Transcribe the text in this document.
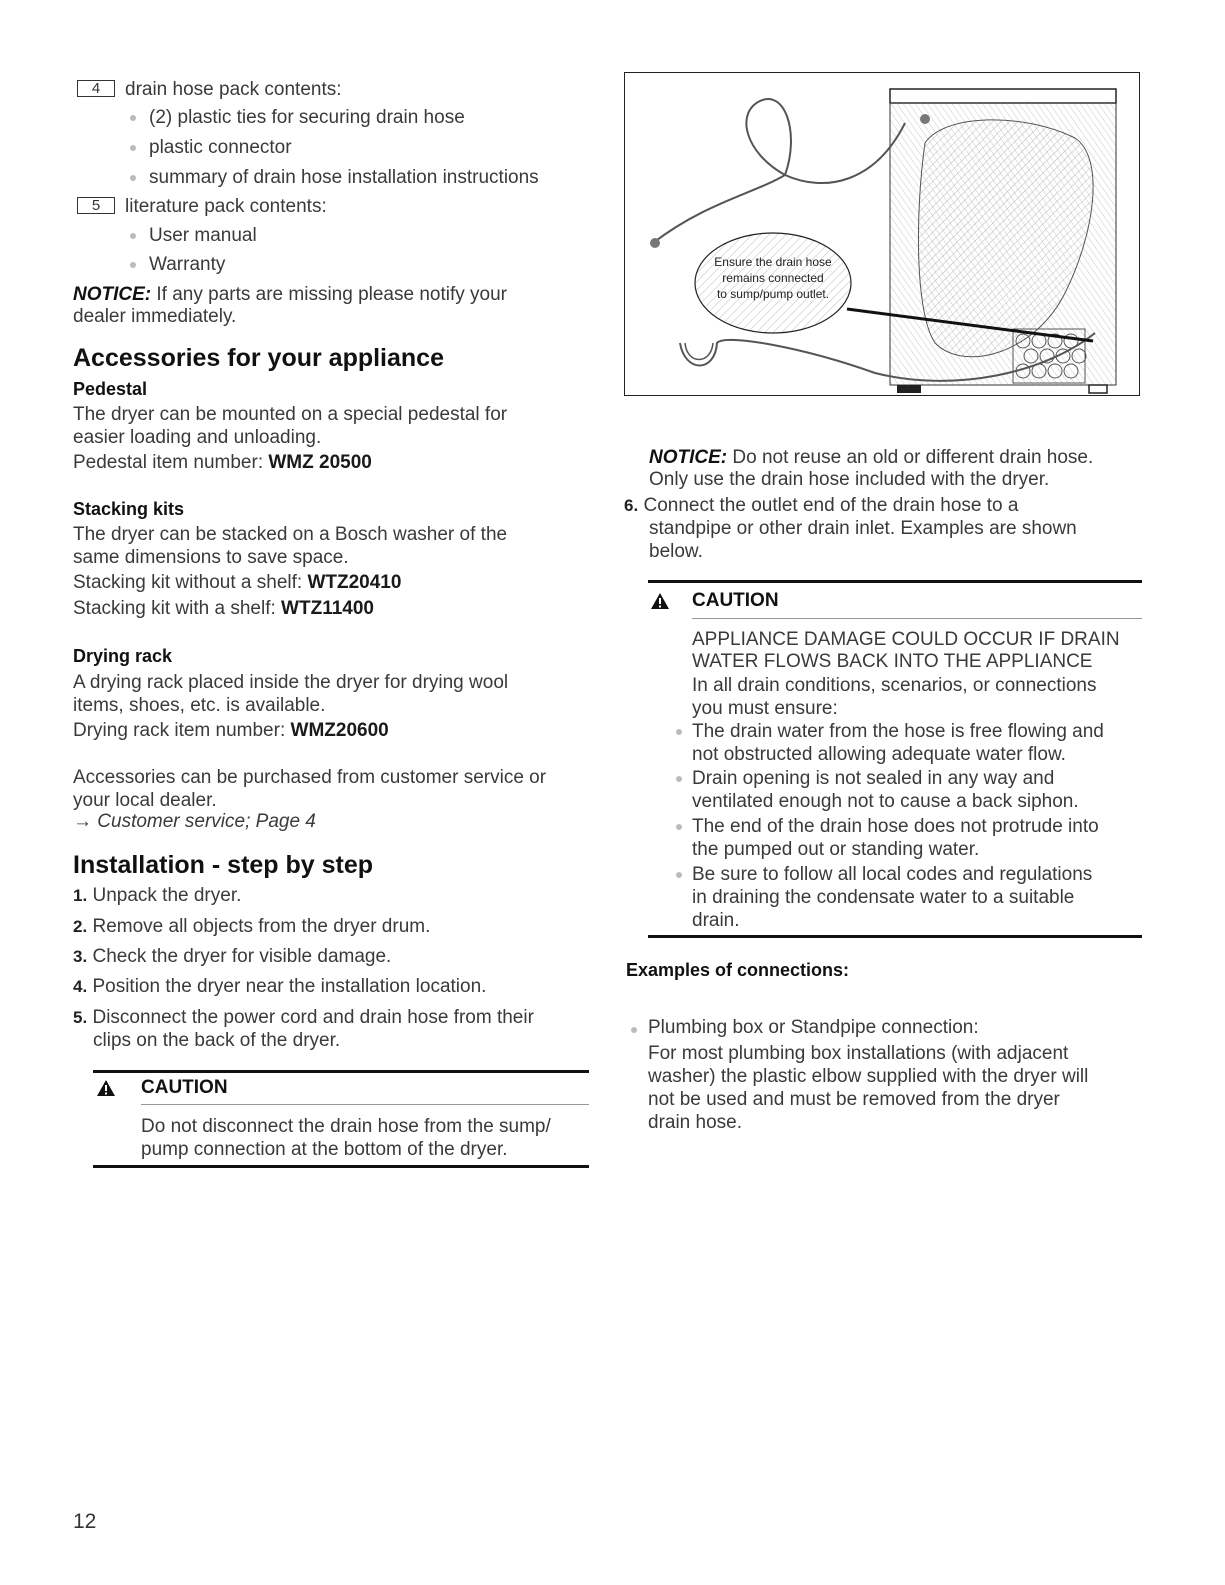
4 drain hose pack contents:
(2) plastic ties for securing drain hose
plastic connector
summary of drain hose installation instructions
5 literature pack contents:
User manual
Warranty
NOTICE: If any parts are missing please notify your
dealer immediately.
Accessories for your appliance
Pedestal
The dryer can be mounted on a special pedestal for
easier loading and unloading.
Pedestal item number: WMZ 20500
Stacking kits
The dryer can be stacked on a Bosch washer of the
same dimensions to save space.
Stacking kit without a shelf: WTZ20410
Stacking kit with a shelf: WTZ11400
Drying rack
A drying rack placed inside the dryer for drying wool
items, shoes, etc. is available.
Drying rack item number: WMZ20600
Accessories can be purchased from customer service or
your local dealer.
→ Customer service; Page 4
Installation - step by step
1. Unpack the dryer.
2. Remove all objects from the dryer drum.
3. Check the dryer for visible damage.
4. Position the dryer near the installation location.
5. Disconnect the power cord and drain hose from their
clips on the back of the dryer.
CAUTION
Do not disconnect the drain hose from the sump/
pump connection at the bottom of the dryer.
12
Ensure the drain hose
remains connected
to sump/pump outlet.
NOTICE: Do not reuse an old or different drain hose.
Only use the drain hose included with the dryer.
6. Connect the outlet end of the drain hose to a
standpipe or other drain inlet. Examples are shown
below.
CAUTION
APPLIANCE DAMAGE COULD OCCUR IF DRAIN
WATER FLOWS BACK INTO THE APPLIANCE
In all drain conditions, scenarios, or connections
you must ensure:
The drain water from the hose is free flowing and
not obstructed allowing adequate water flow.
Drain opening is not sealed in any way and
ventilated enough not to cause a back siphon.
The end of the drain hose does not protrude into
the pumped out or standing water.
Be sure to follow all local codes and regulations
in draining the condensate water to a suitable
drain.
Examples of connections:
Plumbing box or Standpipe connection:
For most plumbing box installations (with adjacent
washer) the plastic elbow supplied with the dryer will
not be used and must be removed from the dryer
drain hose.
